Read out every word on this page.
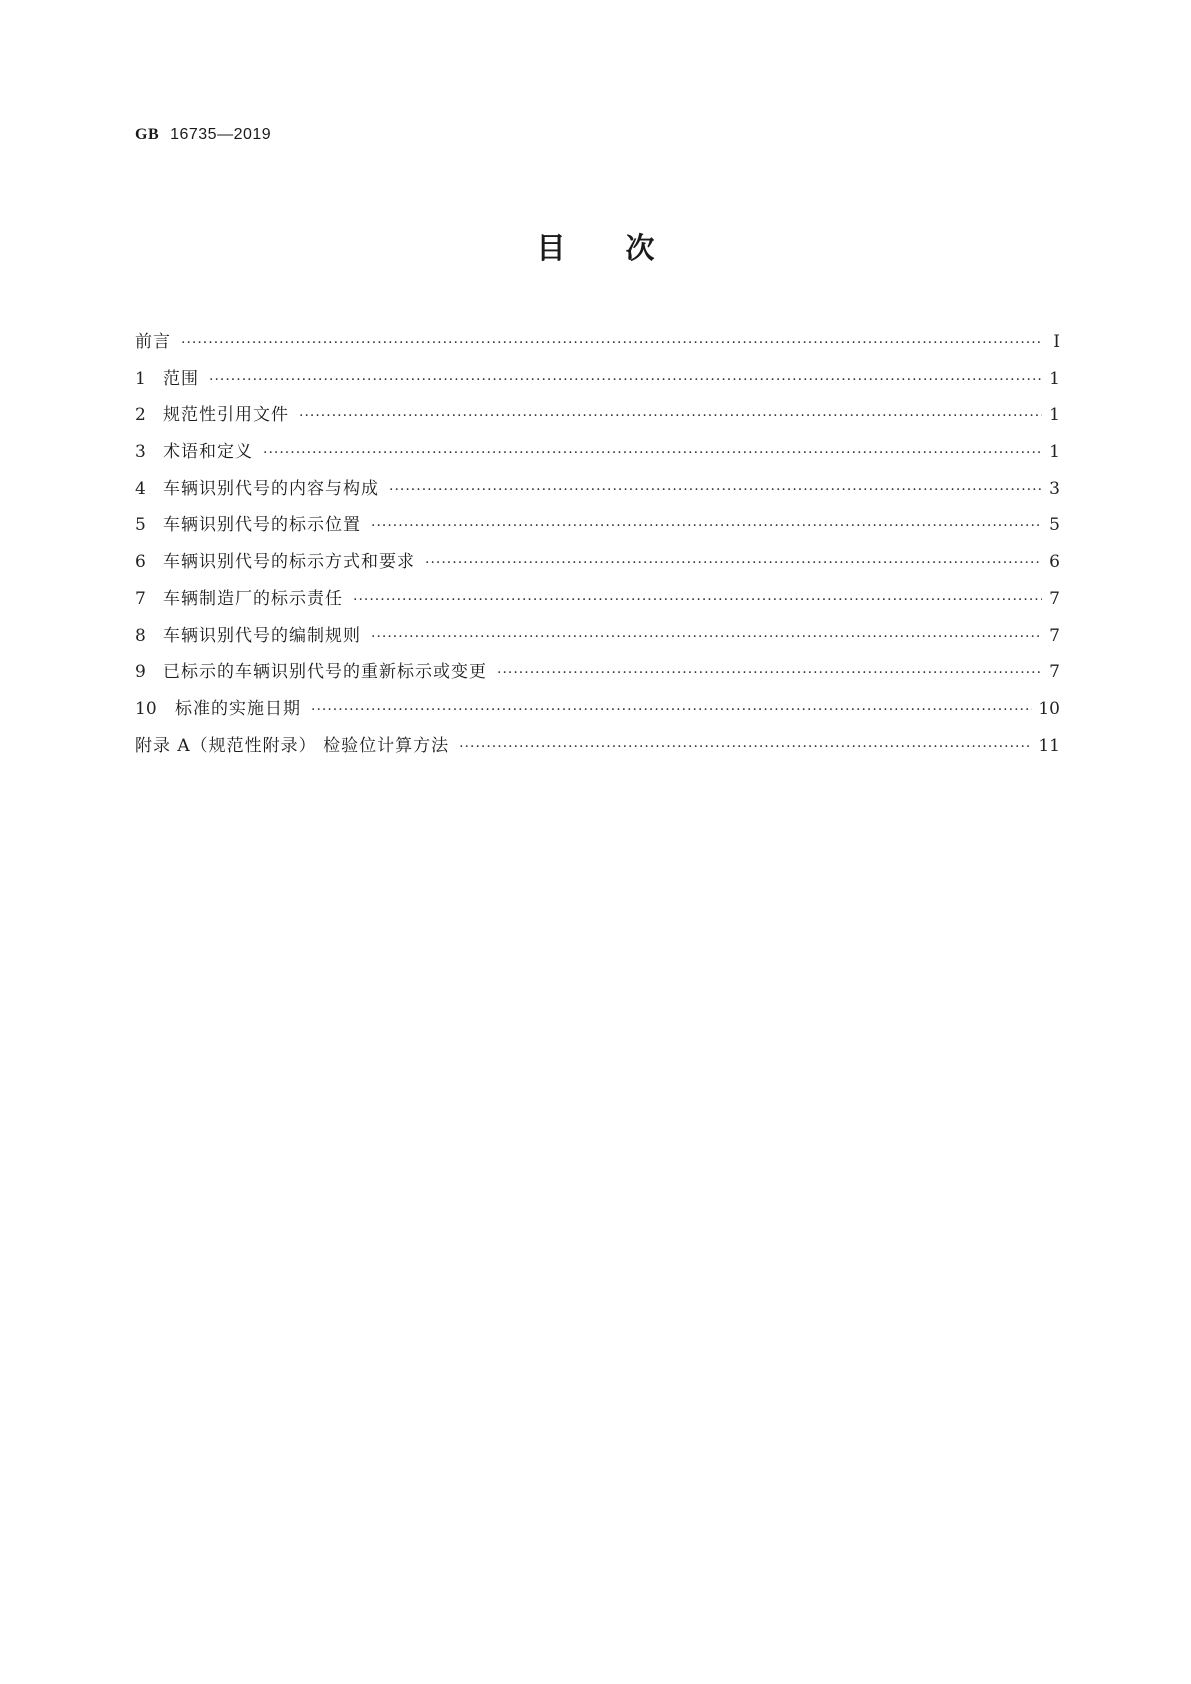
GB 16735—2019
目次
前言 ·····	Ⅰ
1	范围 ·····	1
2	规范性引用文件 ·····	1
3	术语和定义 ·····	1
4	车辆识别代号的内容与构成 ·····	3
5	车辆识别代号的标示位置 ·····	5
6	车辆识别代号的标示方式和要求 ·····	6
7	车辆制造厂的标示责任 ·····	7
8	车辆识别代号的编制规则 ·····	7
9	已标示的车辆识别代号的重新标示或变更 ·····	7
10	标准的实施日期 ·····	10
附录 A（规范性附录） 检验位计算方法 ·····	11
